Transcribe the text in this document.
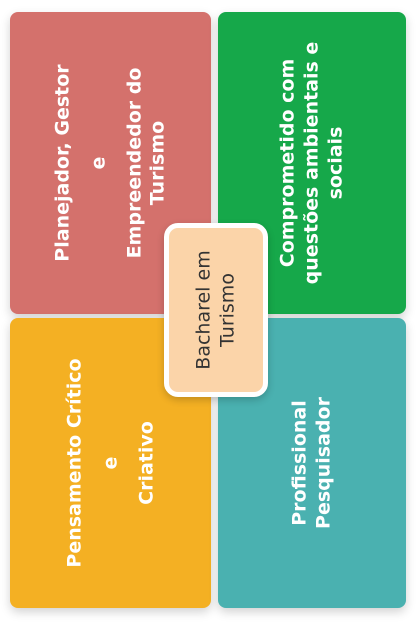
Planejador, Gestor e Empreendedor do Turismo	Comprometido com questões ambientais e sociais
Pensamento Crítico e Criativo	Profissional Pesquisador
Bacharel em Turismo
